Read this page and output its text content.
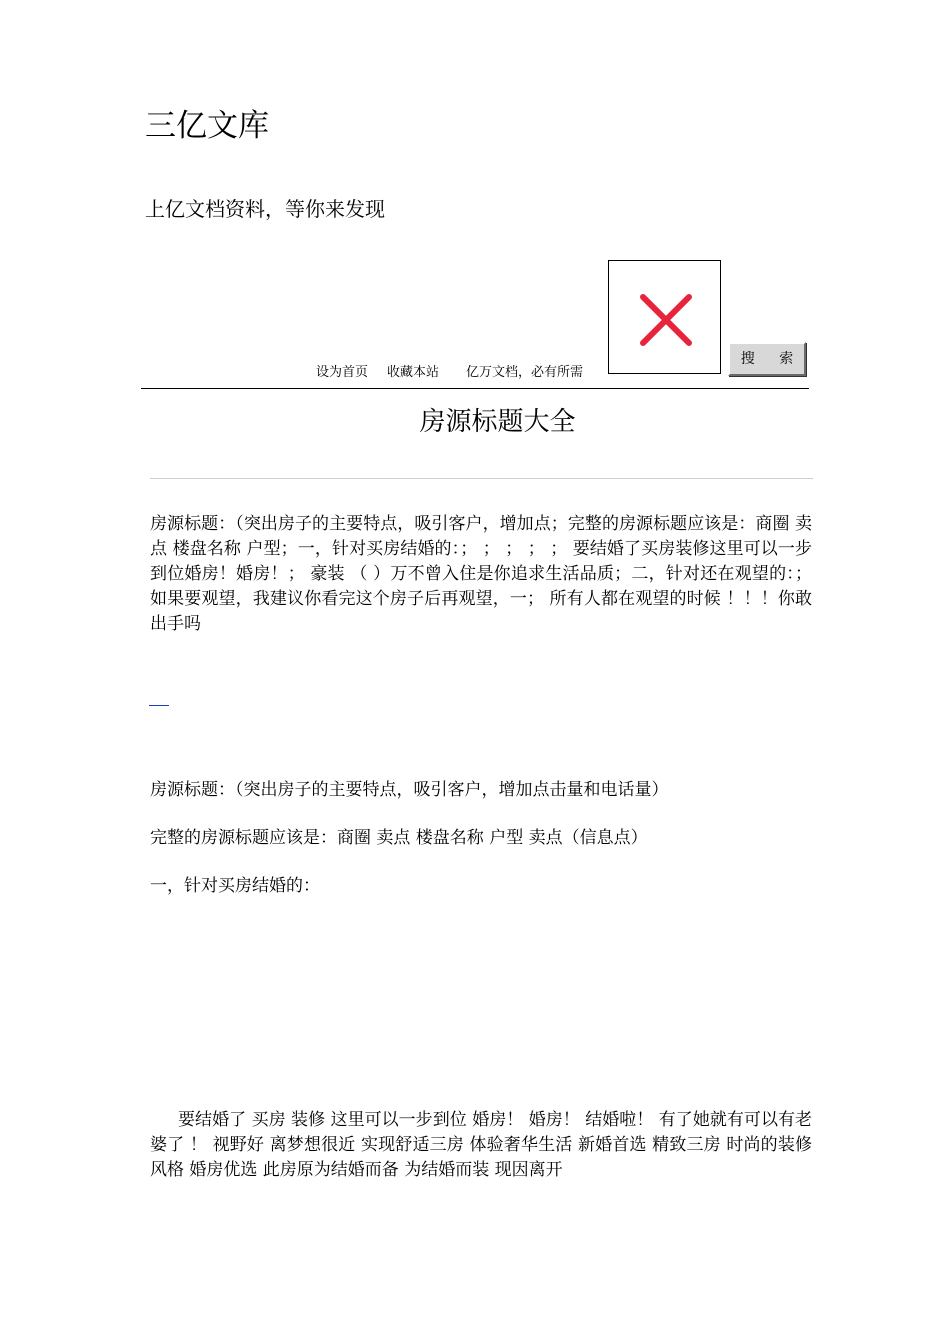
三亿文库
上亿文档资料，等你来发现
设为首页 收藏本站 亿万文档，必有所需
搜 索
房源标题大全
房源标题：（突出房子的主要特点，吸引客户，增加点；完整的房源标题应该是：商圈 卖点 楼盘名称 户型；一，针对买房结婚的：； ； ； ； ； 要结婚了买房装修这里可以一步到位婚房！婚房！； 豪装 （ ）万不曾入住是你追求生活品质；二，针对还在观望的：； 如果要观望，我建议你看完这个房子后再观望，一； 所有人都在观望的时候 ！！！你敢出手吗
房源标题：（突出房子的主要特点，吸引客户，增加点击量和电话量）
完整的房源标题应该是：商圈 卖点 楼盘名称 户型 卖点（信息点）
一，针对买房结婚的：
要结婚了 买房 装修 这里可以一步到位 婚房！ 婚房！ 结婚啦！ 有了她就有可以有老婆了 ！ 视野好 离梦想很近 实现舒适三房 体验奢华生活 新婚首选 精致三房 时尚的装修风格 婚房优选 此房原为结婚而备 为结婚而装 现因离开
